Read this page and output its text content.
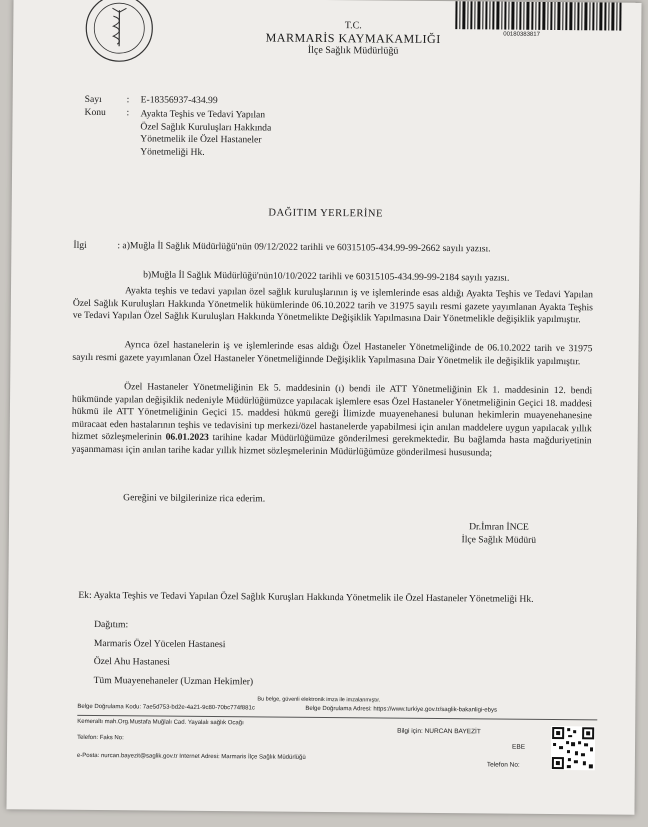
00180383817
T.C.
MARMARİS KAYMAKAMLIĞI
İlçe Sağlık Müdürlüğü
Sayı	: E-18356937-434.99
Konu :	Ayakta Teşhis ve Tedavi Yapılan
Özel Sağlık Kuruluşları Hakkında
Yönetmelik ile Özel Hastaneler
Yönetmeliği Hk.
DAĞITIM YERLERİNE
İlgi	: a)Muğla İl Sağlık Müdürlüğü'nün 09/12/2022 tarihli ve 60315105-434.99-99-2662 sayılı yazısı.
b)Muğla İl Sağlık Müdürlüğü'nün10/10/2022 tarihli ve 60315105-434.99-99-2184 sayılı yazısı.
Ayakta teşhis ve tedavi yapılan özel sağlık kuruluşlarının iş ve işlemlerinde esas aldığı Ayakta Teşhis ve Tedavi Yapılan Özel Sağlık Kuruluşları Hakkında Yönetmelik hükümlerinde 06.10.2022 tarih ve 31975 sayılı resmi gazete yayımlanan Ayakta Teşhis ve Tedavi Yapılan Özel Sağlık Kuruluşları Hakkında Yönetmelikte Değişiklik Yapılmasına Dair Yönetmelikle değişiklik yapılmıştır.
Ayrıca özel hastanelerin iş ve işlemlerinde esas aldığı Özel Hastaneler Yönetmeliğinde de 06.10.2022 tarih ve 31975 sayılı resmi gazete yayımlanan Özel Hastaneler Yönetmeliğinnde Değişiklik Yapılmasına Dair Yönetmelik ile değişiklik yapılmıştır.
Özel Hastaneler Yönetmeliğinin Ek 5. maddesinin (ı) bendi ile ATT Yönetmeliğinin Ek 1. maddesinin 12. bendi hükmünde yapılan değişiklik nedeniyle Müdürlüğümüzce yapılacak işlemlere esas Özel Hastaneler Yönetmeliğinin Geçici 18. maddesi hükmü ile ATT Yönetmeliğinin Geçici 15. maddesi hükmü gereği İlimizde muayenehanesi bulunan hekimlerin muayenehanesine müracaat eden hastalarının teşhis ve tedavisini tıp merkezi/özel hastanelerde yapabilmesi için anılan maddelere uygun yapılacak yıllık hizmet sözleşmelerinin 06.01.2023 tarihine kadar Müdürlüğümüze gönderilmesi gerekmektedir. Bu bağlamda hasta mağduriyetinin yaşanmaması için anılan tarihe kadar yıllık hizmet sözleşmelerinin Müdürlüğümüze gönderilmesi hususunda;
Gereğini ve bilgilerinize rica ederim.
Dr.İmran İNCE
İlçe Sağlık Müdürü
Ek: Ayakta Teşhis ve Tedavi Yapılan Özel Sağlık Kuruşları Hakkında Yönetmelik ile Özel Hastaneler Yönetmeliği Hk.
Dağıtım:
Marmaris Özel Yücelen Hastanesi
Özel Ahu Hastanesi
Tüm Muayenehaneler (Uzman Hekimler)
Bu belge, güvenli elektronik imza ile imzalanmıştır.
Belge Doğrulama Kodu: 7ae5d753-bd2e-4a21-9c80-70bc774f881c	Belge Doğrulama Adresi: https://www.turkiye.gov.tr/saglik-bakanligi-ebys
Kemeraltı mah.Org.Mustafa Muğlalı Cad. Yayalalı sağlık Ocağı
Telefon: Faks No:
e-Posta: nurcan.bayezit@saglik.gov.tr Internet Adresi: Marmaris İlçe Sağlık Müdürlüğü
Bilgi için: NURCAN BAYEZİT
EBE
Telefon No:
